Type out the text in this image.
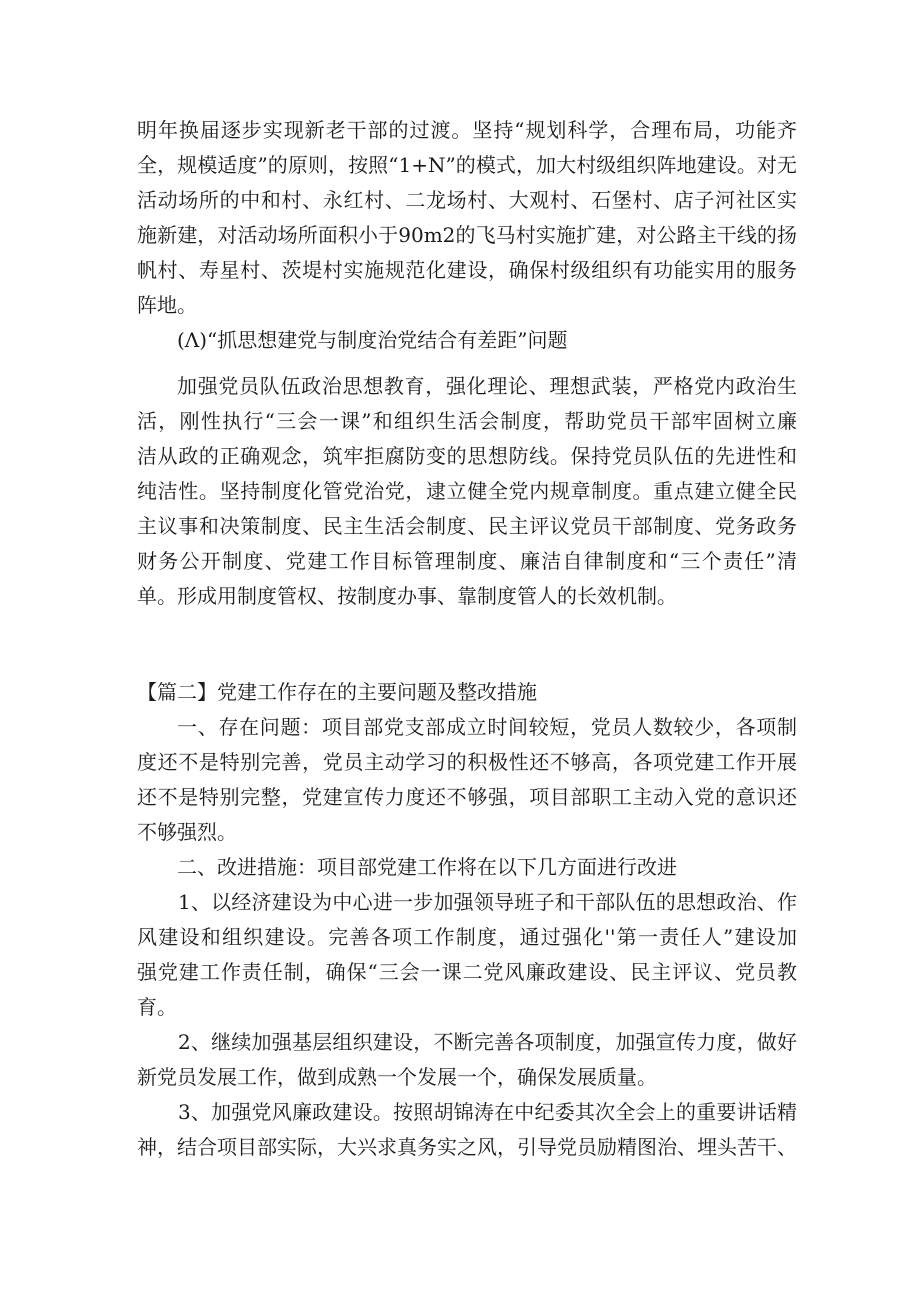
明年换届逐步实现新老干部的过渡。坚持“规划科学，合理布局，功能齐
全，规模适度”的原则，按照“1+N”的模式，加大村级组织阵地建设。对无
活动场所的中和村、永红村、二龙场村、大观村、石堡村、店子河社区实
施新建，对活动场所面积小于90m2的飞马村实施扩建，对公路主干线的扬
帆村、寿星村、茨堤村实施规范化建设，确保村级组织有功能实用的服务
阵地。
(Λ)“抓思想建党与制度治党结合有差距”问题
加强党员队伍政治思想教育，强化理论、理想武装，严格党内政治生
活，刚性执行“三会一课”和组织生活会制度，帮助党员干部牢固树立廉
洁从政的正确观念，筑牢拒腐防变的思想防线。保持党员队伍的先进性和
纯洁性。坚持制度化管党治党，逮立健全党内规章制度。重点建立健全民
主议事和决策制度、民主生活会制度、民主评议党员干部制度、党务政务
财务公开制度、党建工作目标管理制度、廉洁自律制度和“三个责任”清
单。形成用制度管权、按制度办事、靠制度管人的长效机制。
【篇二】党建工作存在的主要问题及整改措施
一、存在问题：项目部党支部成立时间较短，党员人数较少，各项制
度还不是特别完善，党员主动学习的积极性还不够高，各项党建工作开展
还不是特别完整，党建宣传力度还不够强，项目部职工主动入党的意识还
不够强烈。
二、改进措施：项目部党建工作将在以下几方面进行改进
1、以经济建设为中心进一步加强领导班子和干部队伍的思想政治、作
风建设和组织建设。完善各项工作制度，通过强化''第一责任人”建设加
强党建工作责任制，确保“三会一课二党风廉政建设、民主评议、党员教
育。
2、继续加强基层组织建设，不断完善各项制度，加强宣传力度，做好
新党员发展工作，做到成熟一个发展一个，确保发展质量。
3、加强党风廉政建设。按照胡锦涛在中纪委其次全会上的重要讲话精
神，结合项目部实际，大兴求真务实之风，引导党员励精图治、埋头苦干、
